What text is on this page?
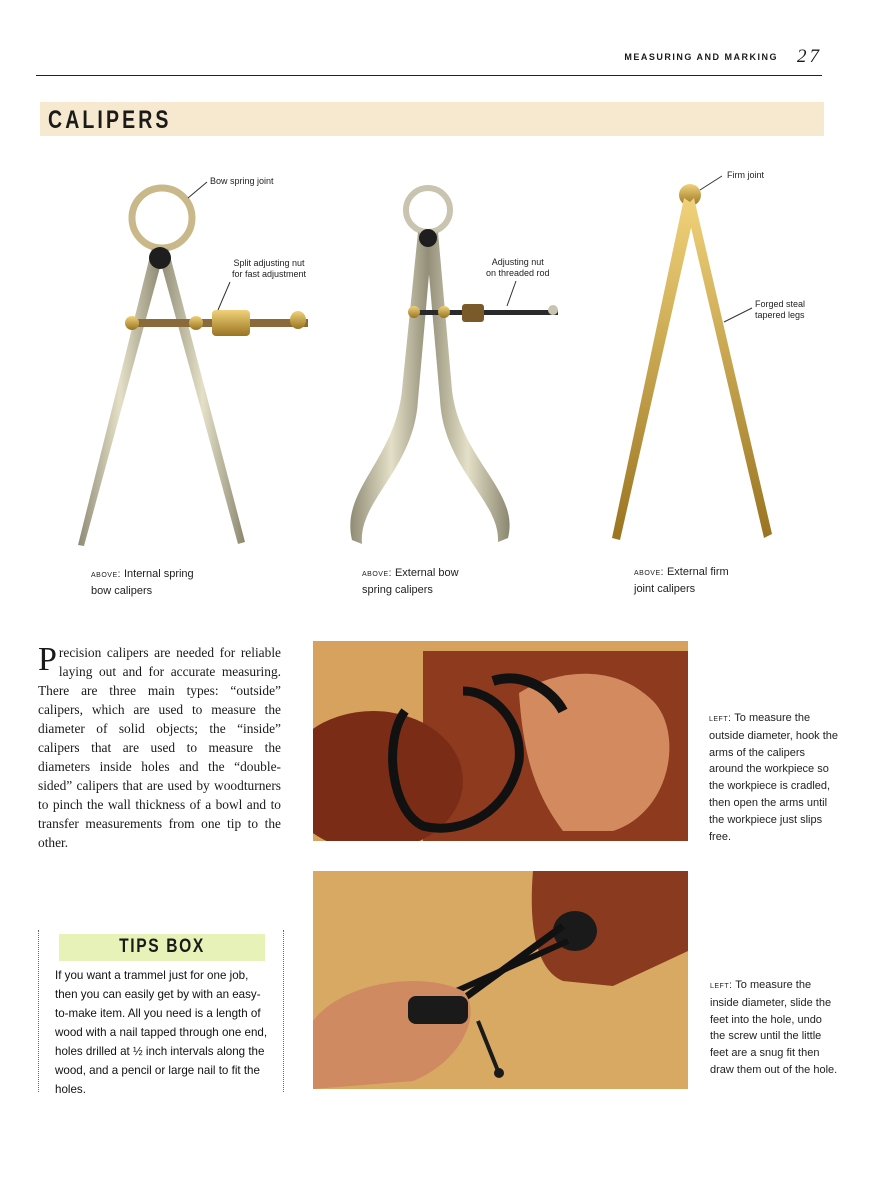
MEASURING AND MARKING 27
CALIPERS
Bow spring joint
Split adjusting nut
for fast adjustment
Adjusting nut
on threaded rod
Firm joint
Forged steal
tapered legs
above: Internal spring
bow calipers
above: External bow
spring calipers
above: External firm
joint calipers
Precision calipers are needed for reliable laying out and for accurate measuring. There are three main types: “outside” calipers, which are used to measure the diameter of solid objects; the “inside” calipers that are used to measure the diameters inside holes and the “double-sided” calipers that are used by woodturners to pinch the wall thickness of a bowl and to transfer measurements from one tip to the other.
left: To measure the outside diameter, hook the arms of the calipers around the workpiece so the workpiece is cradled, then open the arms until the workpiece just slips free.
left: To measure the inside diameter, slide the feet into the hole, undo the screw until the little feet are a snug fit then draw them out of the hole.
TIPS BOX
If you want a trammel just for one job, then you can easily get by with an easy-to-make item. All you need is a length of wood with a nail tapped through one end, holes drilled at ½ inch intervals along the wood, and a pencil or large nail to fit the holes.
